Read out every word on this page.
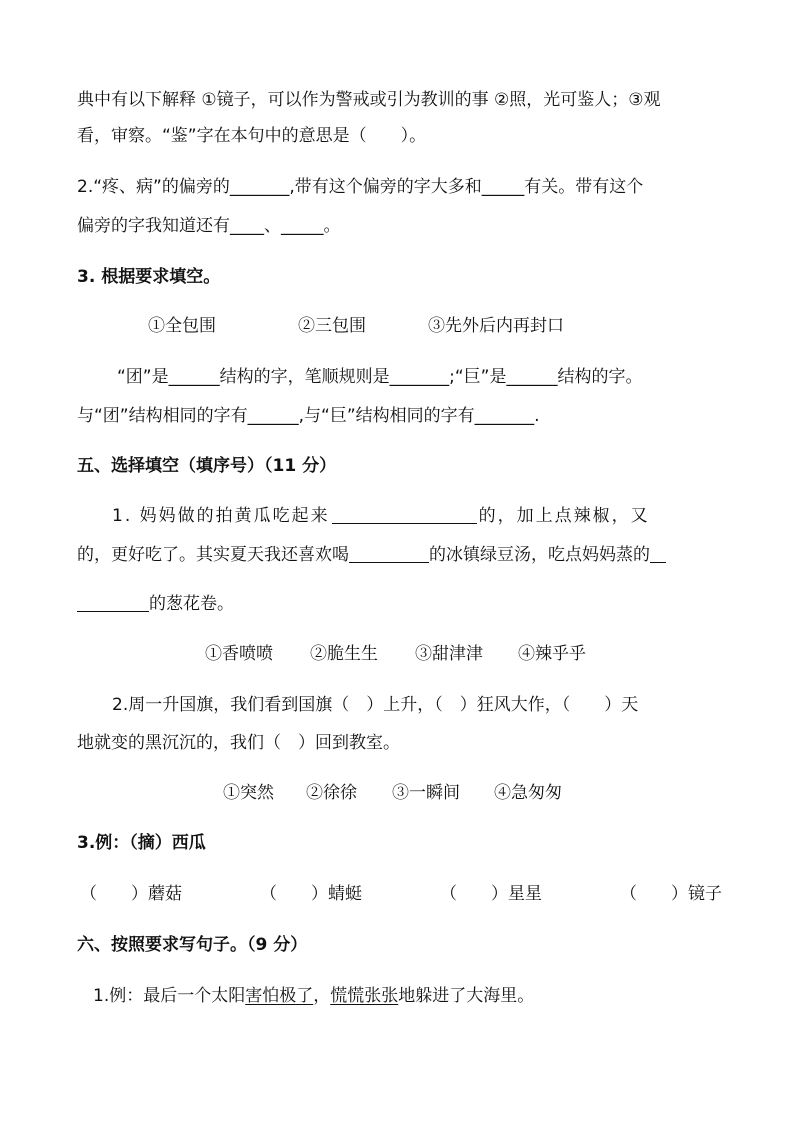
典中有以下解释 ①镜子，可以作为警戒或引为教训的事 ②照，光可鉴人；③观
看，审察。“鉴”字在本句中的意思是（　　）。
2.“疼、病”的偏旁的_______,带有这个偏旁的字大多和_____有关。带有这个
偏旁的字我知道还有____、_____。
3. 根据要求填空。
①全包围	②三包围	③先外后内再封口
“团”是______结构的字，笔顺规则是_______;“巨”是______结构的字。
与“团”结构相同的字有______,与“巨”结构相同的字有_______.
五、选择填空（填序号）（11 分）
1. 妈妈做的拍黄瓜吃起来	的，加上点辣椒，又
的，更好吃了。其实夏天我还喜欢喝	的冰镇绿豆汤，吃点妈妈蒸的
的葱花卷。
①香喷喷 ②脆生生 ③甜津津 ④辣乎乎
2.周一升国旗，我们看到国旗（　）上升，（　）狂风大作，（　　）天
地就变的黑沉沉的，我们（　）回到教室。
①突然 ②徐徐 ③一瞬间 ④急匆匆
3.例：（摘）西瓜
（　　）蘑菇	（　　）蜻蜓	（　　）星星	（　　）镜子
六、按照要求写句子。（9 分）
1.例：最后一个太阳害怕极了，慌慌张张地躲进了大海里。
